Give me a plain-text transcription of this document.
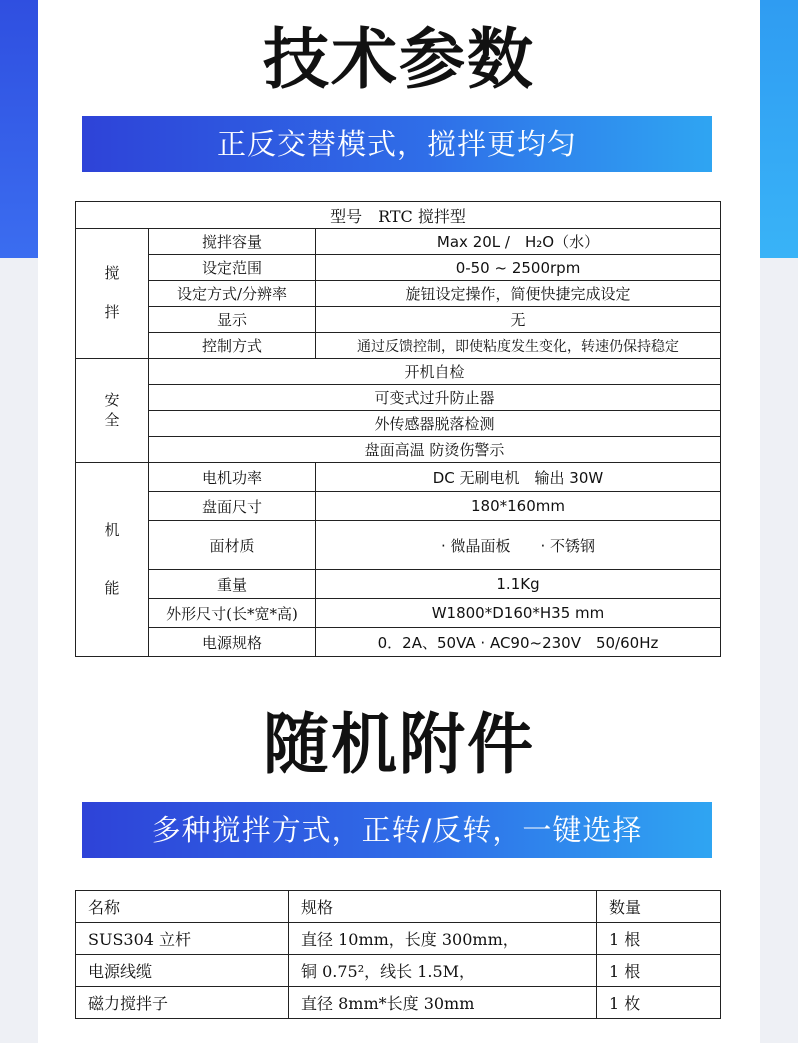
技术参数
正反交替模式，搅拌更均匀
型号　RTC 搅拌型		
搅

拌	搅拌容量	Max 20L /　H₂O（水）
	设定范围	0-50 ~ 2500rpm
	设定方式/分辨率	旋钮设定操作，简便快捷完成设定
	显示	无
	控制方式	通过反馈控制，即使粘度发生变化，转速仍保持稳定
安
全	开机自检	
	可变式过升防止器	
	外传感器脱落检测	
	盘面高温 防烫伤警示	
机

能	电机功率	DC 无刷电机　输出 30W
	盘面尺寸	180*160mm
	面材质	· 微晶面板　　· 不锈钢
	重量	1.1Kg
	外形尺寸(长*宽*高)	W1800*D160*H35 mm
	电源规格	0．2A、50VA · AC90~230V　50/60Hz
随机附件
多种搅拌方式，正转/反转，一键选择
名称	规格	数量
SUS304 立杆	直径 10mm，长度 300mm，	1 根
电源线缆	铜 0.75²，线长 1.5M，	1 根
磁力搅拌子	直径 8mm*长度 30mm	1 枚
